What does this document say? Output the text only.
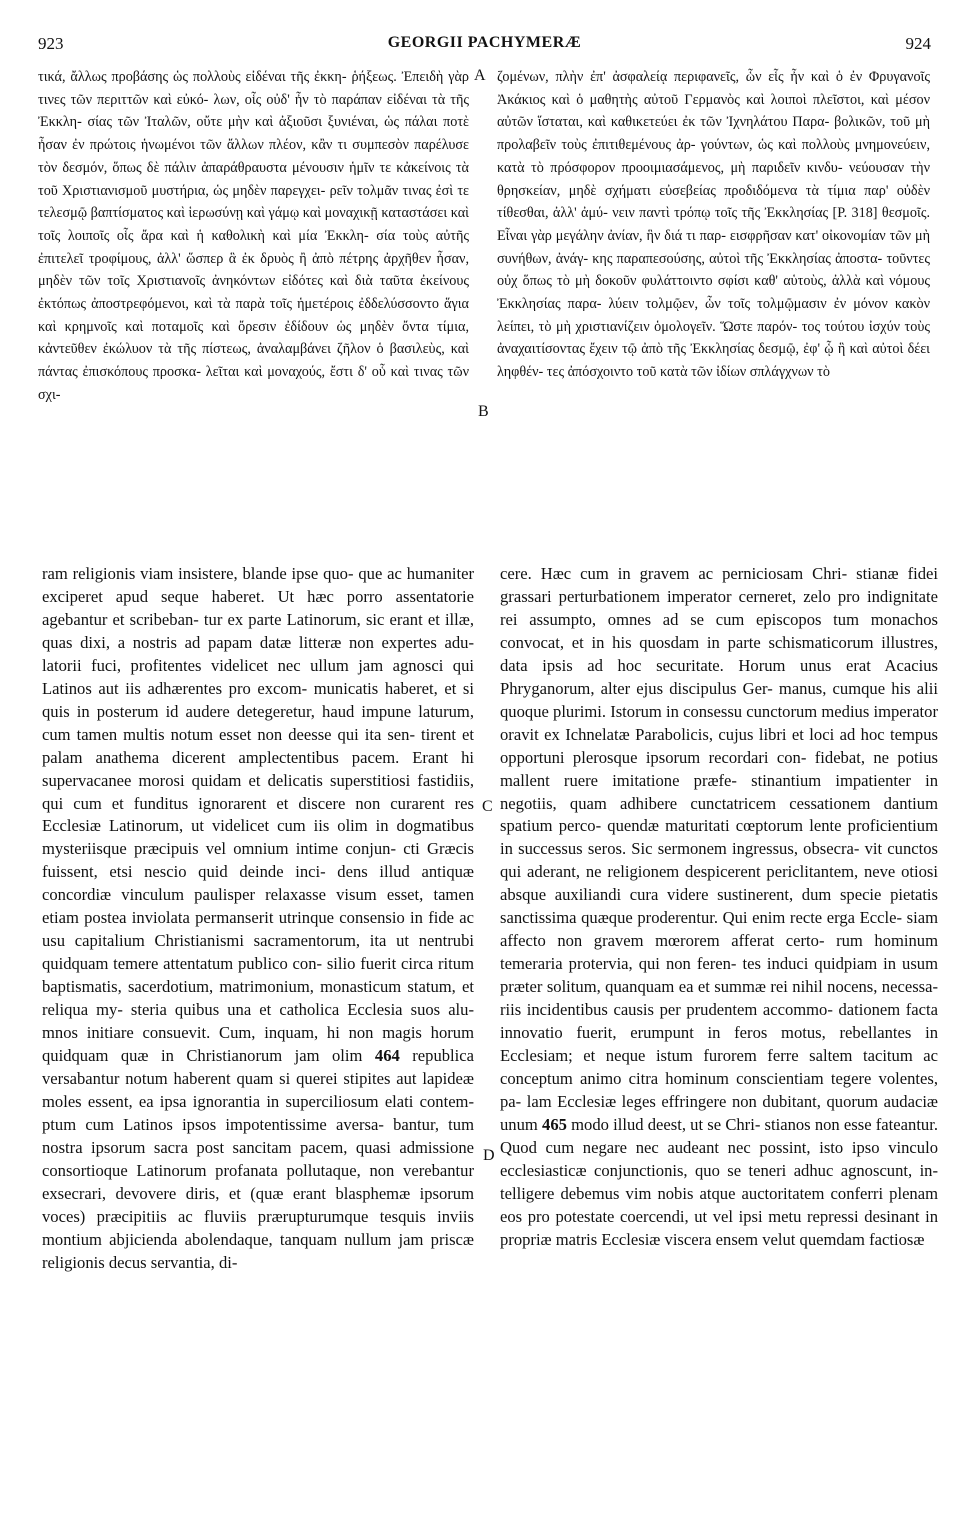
923	GEORGII PACHYMERÆ	924
τικά, ἄλλως προβάσης ὡς πολλοὺς εἰδέναι τῆς ἐκκη- ῥήξεως. Ἐπειδὴ γὰρ τινες τῶν περιττῶν καὶ εὐκό- λων, οἷς οὐδ' ἦν τὸ παράπαν εἰδέναι τὰ τῆς Ἐκκλη- σίας τῶν Ἰταλῶν, οὔτε μὴν καὶ ἀξιοῦσι ξυνιέναι, ὡς πάλαι ποτὲ ἦσαν ἐν πρώτοις ἡνωμένοι τῶν ἄλλων πλέον, κἂν τι συμπεσὸν παρέλυσε τὸν δεσμόν, ὅπως δὲ πάλιν ἀπαράθραυστα μένουσιν ἡμῖν τε κἀκείνοις τὰ τοῦ Χριστιανισμοῦ μυστήρια, ὡς μηδὲν παρεγχει- ρεῖν τολμᾶν τινας ἐσὶ τε τελεσμῷ βαπτίσματος καὶ ἱερωσύνῃ καὶ γάμῳ καὶ μοναχικῇ καταστάσει καὶ τοῖς λοιποῖς οἷς ἄρα καὶ ἡ καθολικὴ καὶ μία Ἐκκλη- σία τοὺς αὐτῆς ἐπιτελεῖ τροφίμους, ἀλλ' ὥσπερ ἃ ἐκ δρυὸς ἢ ἀπὸ πέτρης ἀρχῆθεν ἦσαν, μηδὲν τῶν τοῖς Χριστιανοῖς ἀνηκόντων εἰδότες καὶ διὰ ταῦτα ἐκείνους ἐκτόπως ἀποστρεφόμενοι, καὶ τὰ παρὰ τοῖς ἡμετέροις ἐδδελύσσοντο ἅγια καὶ κρημνοῖς καὶ ποταμοῖς καὶ ὄρεσιν ἐδίδουν ὡς μηδὲν ὄντα τίμια, κἀντεῦθεν ἐκώλυον τὰ τῆς πίστεως, ἀναλαμβάνει ζῆλον ὁ βασιλεὺς, καὶ πάντας ἐπισκόπους προσκα- λεῖται καὶ μοναχούς, ἔστι δ' οὗ καὶ τινας τῶν σχι-
ζομένων, πλὴν ἐπ' ἀσφαλείᾳ περιφανεῖς, ὧν εἷς ἦν καὶ ὁ ἐν Φρυγανοῖς Ἀκάκιος καὶ ὁ μαθητὴς αὐτοῦ Γερμανὸς καὶ λοιποὶ πλεῖστοι, καὶ μέσον αὐτῶν ἵσταται, καὶ καθικετεύει ἐκ τῶν Ἰχνηλάτου Παρα- βολικῶν, τοῦ μὴ προλαβεῖν τοὺς ἐπιτιθεμένους ἀρ- γούντων, ὡς καὶ πολλοὺς μνημονεύειν, κατὰ τὸ πρόσφορον προοιμιασάμενος, μὴ παριδεῖν κινδυ- νεύουσαν τὴν θρησκείαν, μηδὲ σχήματι εὐσεβείας προδιδόμενα τὰ τίμια παρ' οὐδὲν τίθεσθαι, ἀλλ' ἀμύ- νειν παντὶ τρόπῳ τοῖς τῆς Ἐκκλησίας [P. 318] θεσμοῖς. Εἶναι γὰρ μεγάλην ἀνίαν, ἣν διά τι παρ- εισφρῆσαν κατ' οἰκονομίαν τῶν μὴ συνήθων, ἀνάγ- κης παραπεσούσης, αὐτοὶ τῆς Ἐκκλησίας ἀποστα- τοῦντες οὐχ ὅπως τὸ μὴ δοκοῦν φυλάττοιντο σφίσι καθ' αὑτοὺς, ἀλλὰ καὶ νόμους Ἐκκλησίας παρα- λύειν τολμῷεν, ὧν τοῖς τολμῷμασιν ἐν μόνον κακὸν λείπει, τὸ μὴ χριστιανίζειν ὁμολογεῖν. Ὥστε παρόν- τος τούτου ἰσχύν τοὺς ἀναχαιτίσοντας ἔχειν τῷ ἀπὸ τῆς Ἐκκλησίας δεσμῷ, ἐφ' ᾧ ἣ καὶ αὐτοὶ δέει ληφθέν- τες ἀπόσχοιντο τοῦ κατὰ τῶν ἰδίων σπλάγχνων τὸ
A
B
C
D
ram religionis viam insistere, blande ipse quo- que ac humaniter exciperet apud seque haberet. Ut hæc porro assentatorie agebantur et scribeban- tur ex parte Latinorum, sic erant et illæ, quas dixi, a nostris ad papam datæ litteræ non expertes adu- latorii fuci, profitentes videlicet nec ullum jam agnosci qui Latinos aut iis adhærentes pro excom- municatis haberet, et si quis in posterum id audere detegeretur, haud impune laturum, cum tamen multis notum esset non deesse qui ita sen- tirent et palam anathema dicerent amplectentibus pacem. Erant hi supervacanee morosi quidam et delicatis superstitiosi fastidiis, qui cum et funditus ignorarent et discere non curarent res Ecclesiæ Latinorum, ut videlicet cum iis olim in dogmatibus mysteriisque præcipuis vel omnium intime conjun- cti Græcis fuissent, etsi nescio quid deinde inci- dens illud antiquæ concordiæ vinculum paulisper relaxasse visum esset, tamen etiam postea inviolata permanserit utrinque consensio in fide ac usu capitalium Christianismi sacramentorum, ita ut nentrubi quidquam temere attentatum publico con- silio fuerit circa ritum baptismatis, sacerdotium, matrimonium, monasticum statum, et reliqua my- steria quibus una et catholica Ecclesia suos alu- mnos initiare consuevit. Cum, inquam, hi non magis horum quidquam quæ in Christianorum jam olim 464 republica versabantur notum haberent quam si querei stipites aut lapideæ moles essent, ea ipsa ignorantia in superciliosum elati contem- ptum cum Latinos ipsos impotentissime aversa- bantur, tum nostra ipsorum sacra post sancitam pacem, quasi admissione consortioque Latinorum profanata pollutaque, non verebantur exsecrari, devovere diris, et (quæ erant blasphemæ ipsorum voces) præcipitiis ac fluviis prærupturumque tesquis inviis montium abjicienda abolendaque, tanquam nullum jam priscæ religionis decus servantia, di-
cere. Hæc cum in gravem ac perniciosam Chri- stianæ fidei grassari perturbationem imperator cerneret, zelo pro indignitate rei assumpto, omnes ad se cum episcopos tum monachos convocat, et in his quosdam in parte schismaticorum illustres, data ipsis ad hoc securitate. Horum unus erat Acacius Phryganorum, alter ejus discipulus Ger- manus, cumque his alii quoque plurimi. Istorum in consessu cunctorum medius imperator oravit ex Ichnelatæ Parabolicis, cujus libri et loci ad hoc tempus opportuni plerosque ipsorum recordari con- fidebat, ne potius mallent ruere imitatione præfe- stinantium impatienter in negotiis, quam adhibere cunctatricem cessationem dantium spatium perco- quendæ maturitati cœptorum lente proficientium in successus seros. Sic sermonem ingressus, obsecra- vit cunctos qui aderant, ne religionem despicerent periclitantem, neve otiosi absque auxiliandi cura videre sustinerent, dum specie pietatis sanctissima quæque proderentur. Qui enim recte erga Eccle- siam affecto non gravem mœrorem afferat certo- rum hominum temeraria protervia, qui non feren- tes induci quidpiam in usum præter solitum, quanquam ea et summæ rei nihil nocens, necessa- riis incidentibus causis per prudentem accommo- dationem facta innovatio fuerit, erumpunt in feros motus, rebellantes in Ecclesiam; et neque istum furorem ferre saltem tacitum ac conceptum animo citra hominum conscientiam tegere volentes, pa- lam Ecclesiæ leges effringere non dubitant, quorum audaciæ unum 465 modo illud deest, ut se Chri- stianos non esse fateantur. Quod cum negare nec audeant nec possint, isto ipso vinculo ecclesiasticæ conjunctionis, quo se teneri adhuc agnoscunt, in- telligere debemus vim nobis atque auctoritatem conferri plenam eos pro potestate coercendi, ut vel ipsi metu repressi desinant in propriæ matris Ecclesiæ viscera ensem velut quemdam factiosæ
